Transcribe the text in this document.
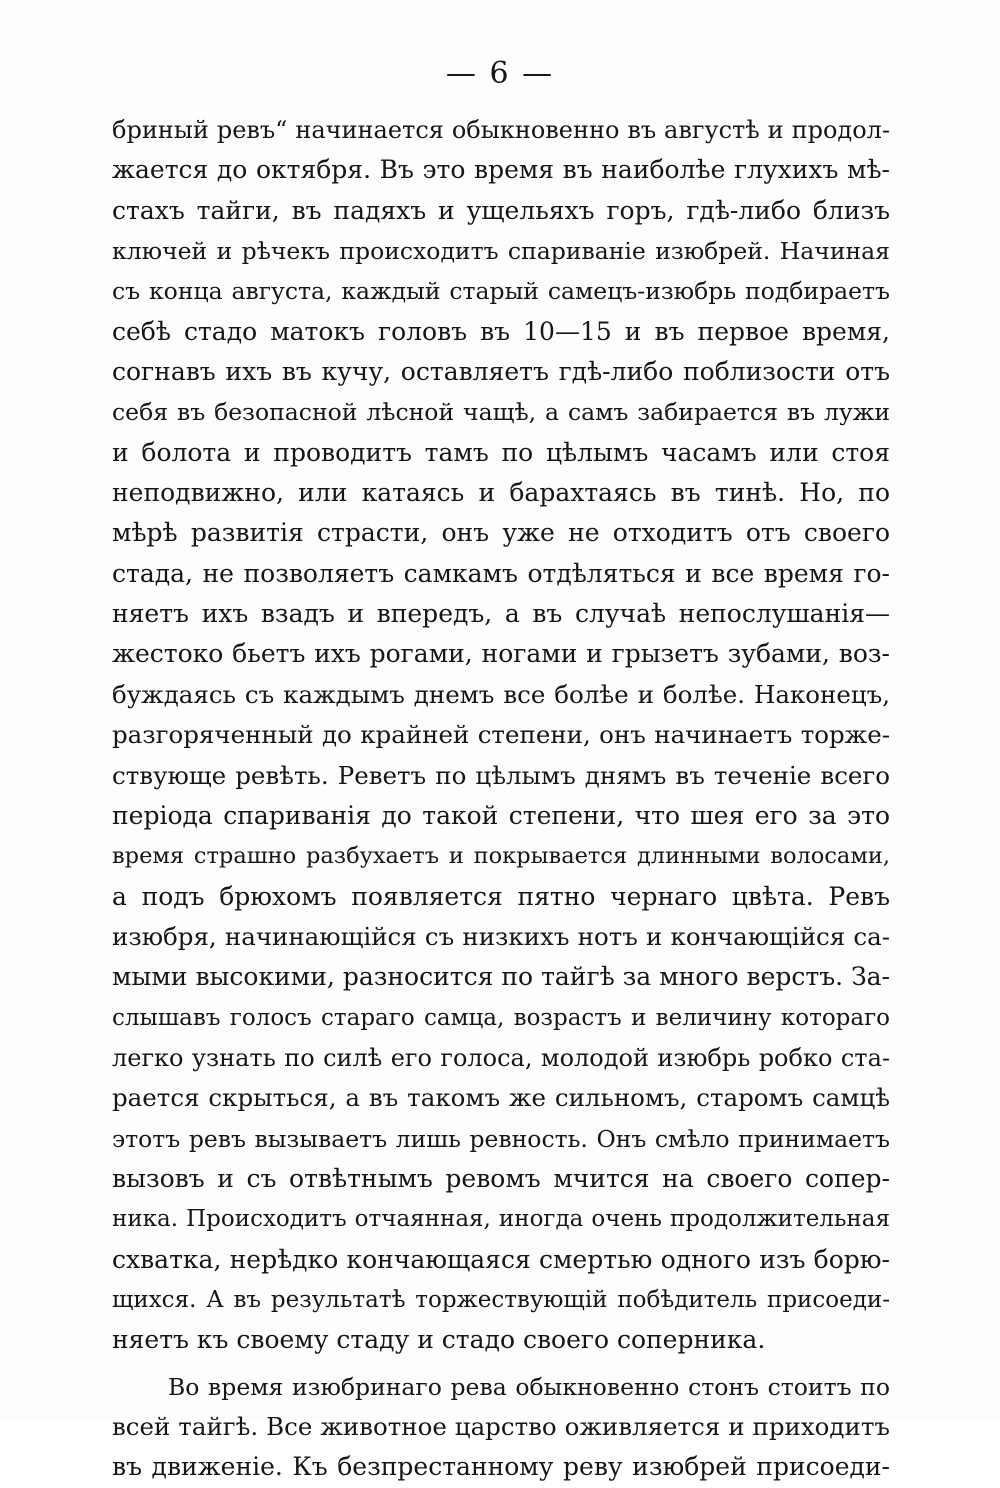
— 6 —
бриный ревъ“ начинается обыкновенно въ августѣ и продол-
жается до октября. Въ это время въ наиболѣе глухихъ мѣ-
стахъ тайги, въ падяхъ и ущельяхъ горъ, гдѣ-либо близъ
ключей и рѣчекъ происходитъ спариваніе изюбрей. Начиная
съ конца августа, каждый старый самецъ-изюбрь подбираетъ
себѣ стадо матокъ головъ въ 10—15 и въ первое время,
согнавъ ихъ въ кучу, оставляетъ гдѣ-либо поблизости отъ
себя въ безопасной лѣсной чащѣ, а самъ забирается въ лужи
и болота и проводитъ тамъ по цѣлымъ часамъ или стоя
неподвижно, или катаясь и барахтаясь въ тинѣ. Но, по
мѣрѣ развитія страсти, онъ уже не отходитъ отъ своего
стада, не позволяетъ самкамъ отдѣляться и все время го-
няетъ ихъ взадъ и впередъ, а въ случаѣ непослушанія—
жестоко бьетъ ихъ рогами, ногами и грызетъ зубами, воз-
буждаясь съ каждымъ днемъ все болѣе и болѣе. Наконецъ,
разгоряченный до крайней степени, онъ начинаетъ торже-
ствующе ревѣть. Реветъ по цѣлымъ днямъ въ теченіе всего
періода спариванія до такой степени, что шея его за это
время страшно разбухаетъ и покрывается длинными волосами,
а подъ брюхомъ появляется пятно чернаго цвѣта. Ревъ
изюбря, начинающійся съ низкихъ нотъ и кончающійся са-
мыми высокими, разносится по тайгѣ за много верстъ. За-
слышавъ голосъ стараго самца, возрастъ и величину котораго
легко узнать по силѣ его голоса, молодой изюбрь робко ста-
рается скрыться, а въ такомъ же сильномъ, старомъ самцѣ
этотъ ревъ вызываетъ лишь ревность. Онъ смѣло принимаетъ
вызовъ и съ отвѣтнымъ ревомъ мчится на своего сопер-
ника. Происходитъ отчаянная, иногда очень продолжительная
схватка, нерѣдко кончающаяся смертью одного изъ борю-
щихся. А въ результатѣ торжествующій побѣдитель присоеди-
няетъ къ своему стаду и стадо своего соперника.
Во время изюбринаго рева обыкновенно стонъ стоитъ по
всей тайгѣ. Все животное царство оживляется и приходитъ
въ движеніе. Къ безпрестанному реву изюбрей присоеди-
